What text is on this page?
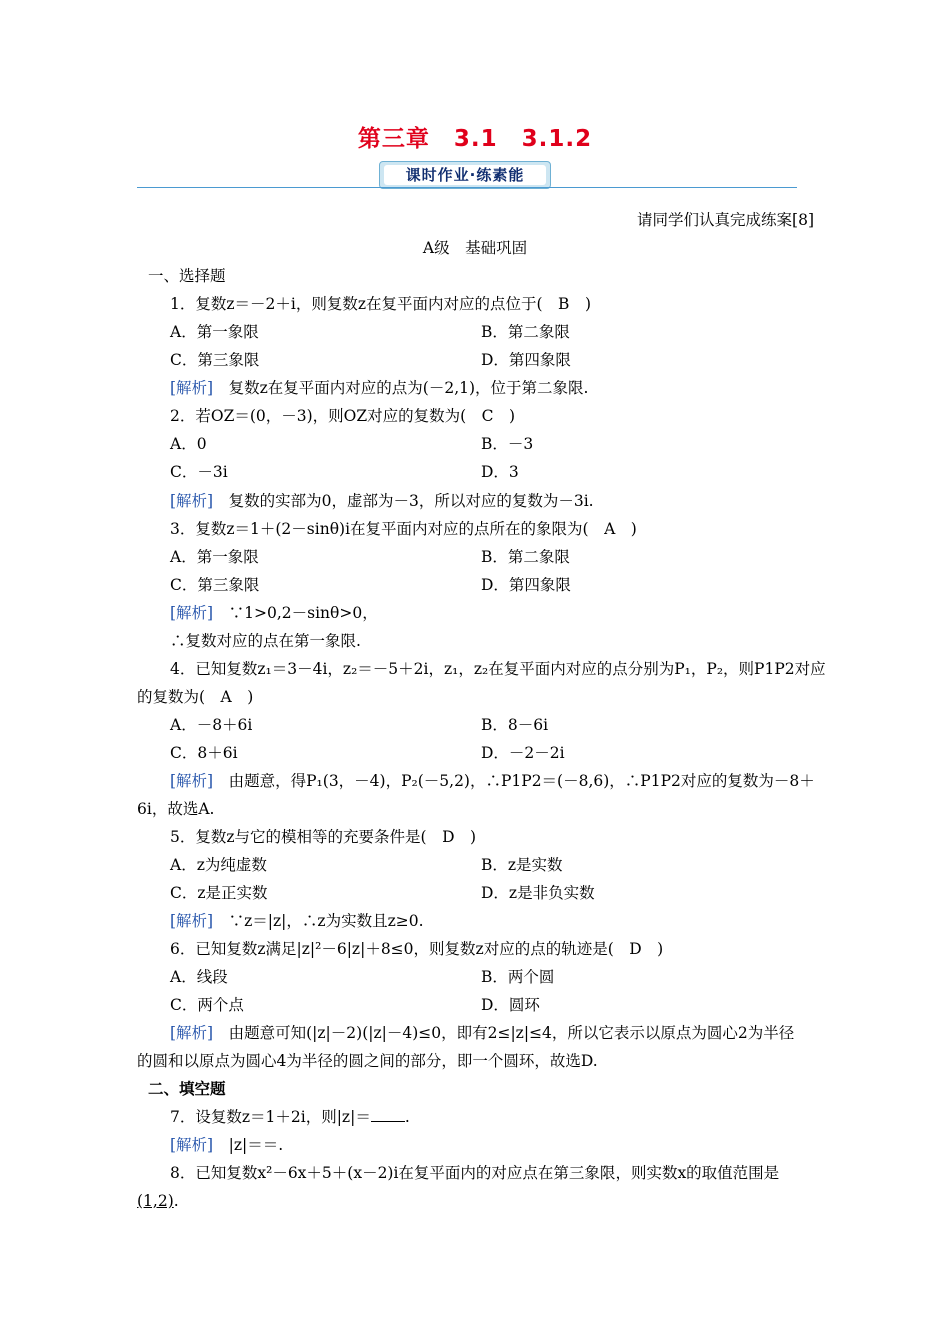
第三章　3.1　3.1.2
课时作业·练素能
请同学们认真完成练案[8]
A级　基础巩固
一、选择题
1．复数z＝－2＋i，则复数z在复平面内对应的点位于(　B　)
A．第一象限	B．第二象限
C．第三象限	D．第四象限
[解析]　 复数z在复平面内对应的点为(－2,1)，位于第二象限.
2．若OZ＝(0，－3)，则OZ对应的复数为(　C　)
A．0	B．－3
C．－3i	D．3
[解析]　 复数的实部为0，虚部为－3，所以对应的复数为－3i.
3．复数z＝1＋(2－sinθ)i在复平面内对应的点所在的象限为(　A　)
A．第一象限	B．第二象限
C．第三象限	D．第四象限
[解析]　 ∵1>0,2－sinθ>0，
∴复数对应的点在第一象限.
4．已知复数z₁＝3－4i，z₂＝－5＋2i，z₁，z₂在复平面内对应的点分别为P₁，P₂，则P1P2对应
的复数为(　A　)
A．－8＋6i	B．8－6i
C．8＋6i	D．－2－2i
[解析]　 由题意，得P₁(3，－4)，P₂(－5,2)，∴P1P2＝(－8,6)，∴P1P2对应的复数为－8＋
6i，故选A.
5．复数z与它的模相等的充要条件是(　D　)
A．z为纯虚数	B．z是实数
C．z是正实数	D．z是非负实数
[解析]　 ∵z＝|z|，∴z为实数且z≥0.
6．已知复数z满足|z|²－6|z|＋8≤0，则复数z对应的点的轨迹是(　D　)
A．线段	B．两个圆
C．两个点	D．圆环
[解析]　 由题意可知(|z|－2)(|z|－4)≤0，即有2≤|z|≤4，所以它表示以原点为圆心2为半径
的圆和以原点为圆心4为半径的圆之间的部分，即一个圆环，故选D.
二、填空题
7．设复数z＝1＋2i，则|z|＝ .
[解析]　 |z|＝＝.
8．已知复数x²－6x＋5＋(x－2)i在复平面内的对应点在第三象限，则实数x的取值范围是
(1,2).
